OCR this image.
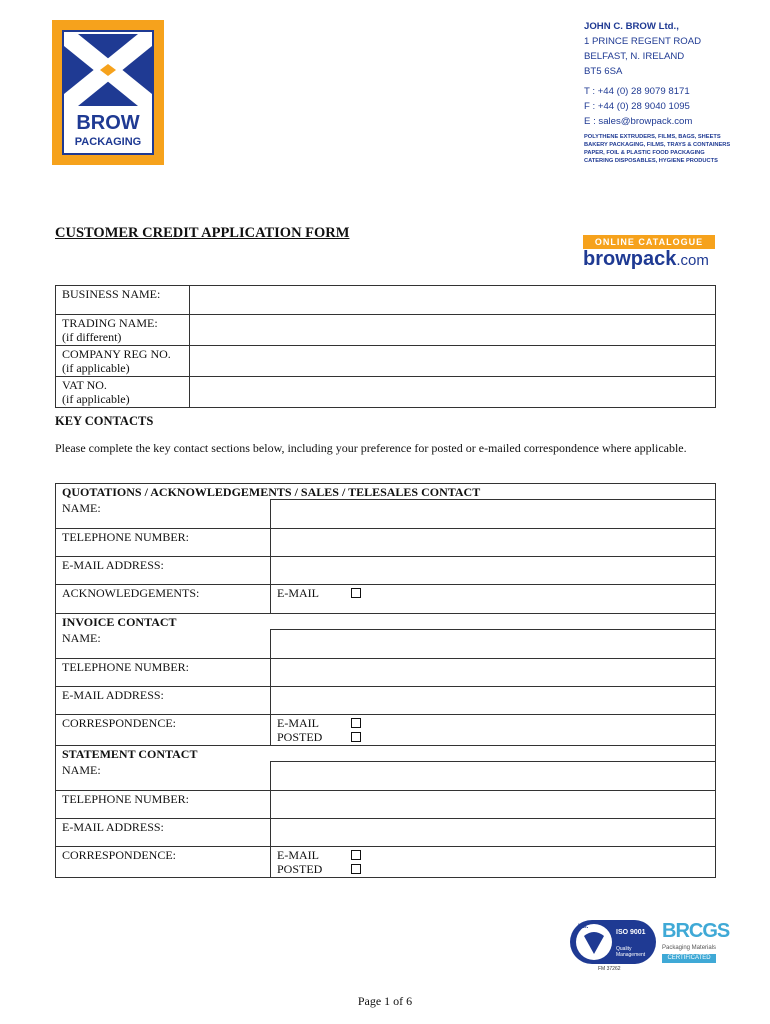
BROW
PACKAGING
JOHN C. BROW Ltd.,
1 PRINCE REGENT ROAD
BELFAST, N. IRELAND
BT5 6SA
T : +44 (0) 28 9079 8171
F : +44 (0) 28 9040 1095
E : sales@browpack.com
POLYTHENE EXTRUDERS, FILMS, BAGS, SHEETS
BAKERY PACKAGING, FILMS, TRAYS & CONTAINERS
PAPER, FOIL & PLASTIC FOOD PACKAGING
CATERING DISPOSABLES, HYGIENE PRODUCTS
CUSTOMER CREDIT APPLICATION FORM
ONLINE CATALOGUE
browpack.com
BUSINESS NAME:	

TRADING NAME:
(if different)	

COMPANY REG NO.
(if applicable)	

VAT NO.
(if applicable)	

KEY CONTACTS
Please complete the key contact sections below, including your preference for posted or e-mailed correspondence where applicable.
QUOTATIONS / ACKNOWLEDGEMENTS / SALES / TELESALES CONTACT	
NAME:	
TELEPHONE NUMBER:	
E-MAIL ADDRESS:	
ACKNOWLEDGEMENTS:	E-MAIL

INVOICE CONTACT	
NAME:	
TELEPHONE NUMBER:	
E-MAIL ADDRESS:	
CORRESPONDENCE:	E-MAIL
POSTED

STATEMENT CONTACT	
NAME:	
TELEPHONE NUMBER:	
E-MAIL ADDRESS:	
CORRESPONDENCE:	E-MAIL
POSTED
bsi.
ISO 9001
Quality Management
FM 37262
BRCGS
Packaging Materials
CERTIFICATED
Page 1 of 6
